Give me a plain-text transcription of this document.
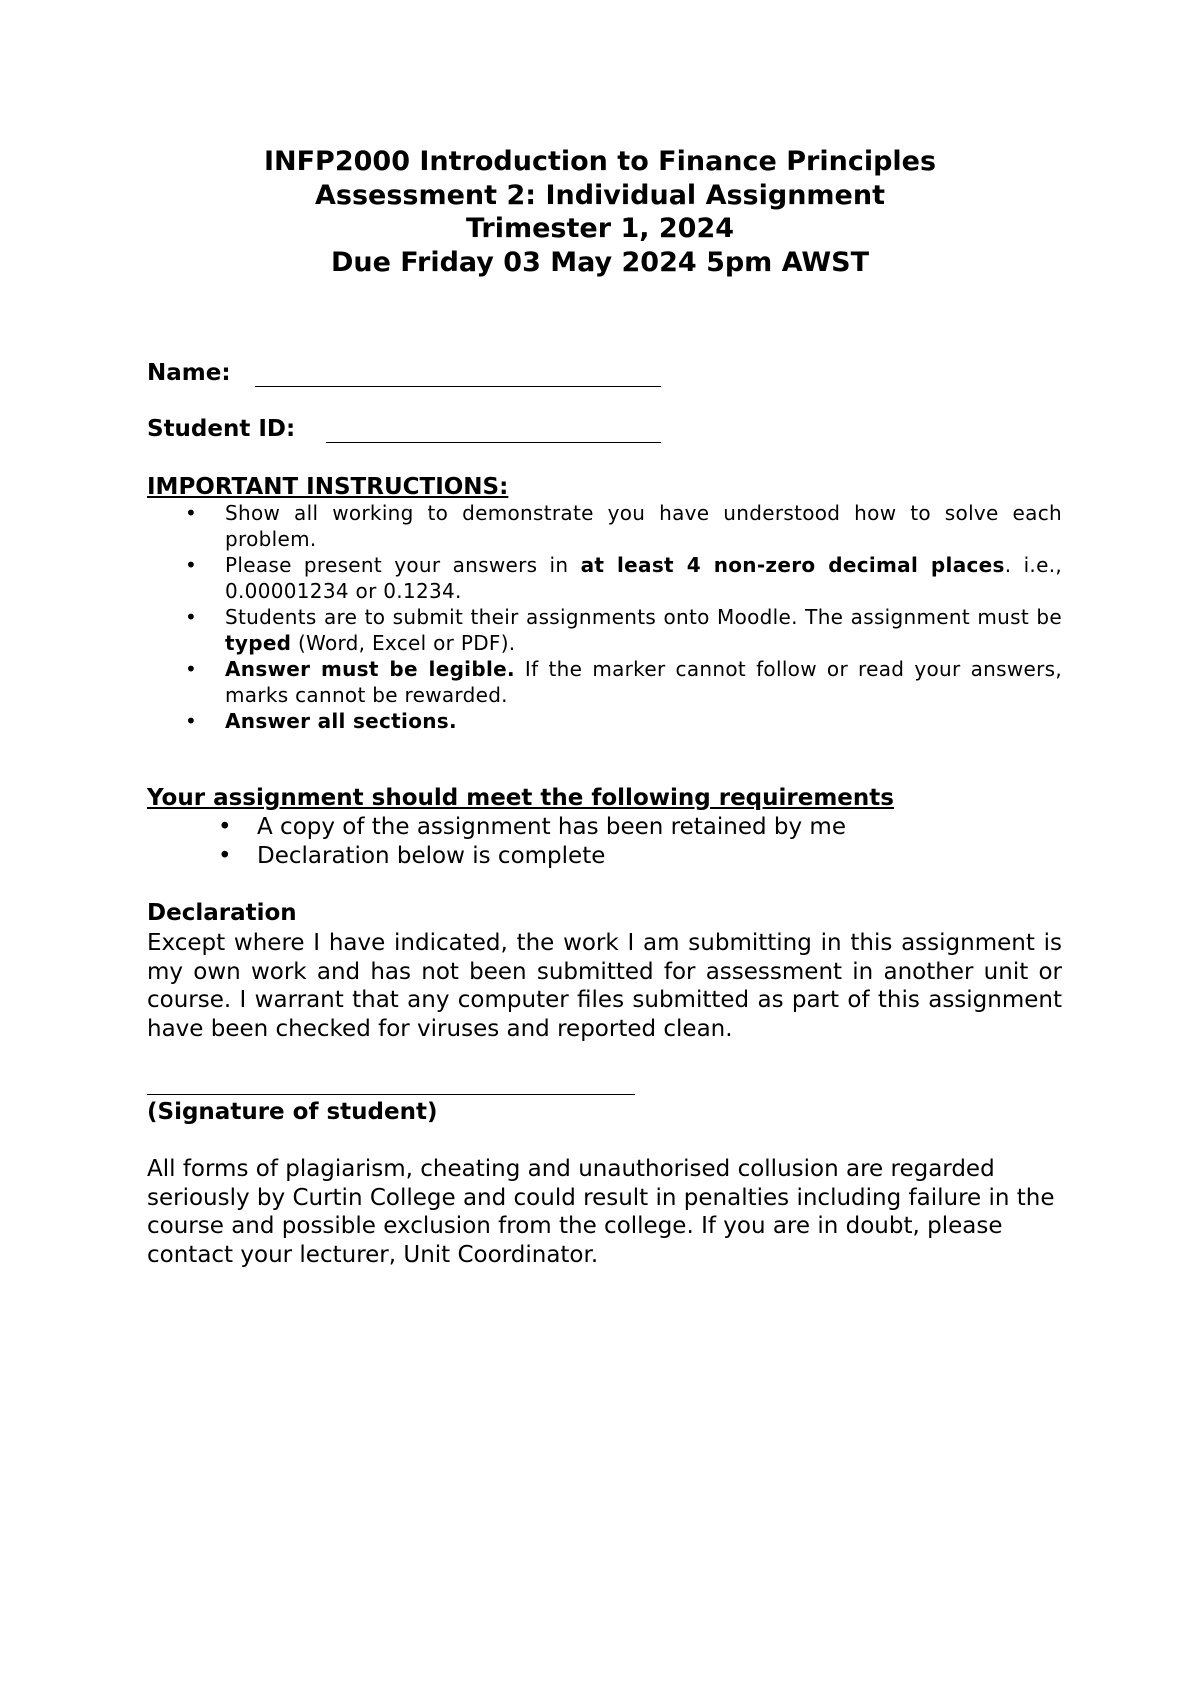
INFP2000 Introduction to Finance Principles
Assessment 2: Individual Assignment
Trimester 1, 2024
Due Friday 03 May 2024 5pm AWST
Name:
Student ID:
IMPORTANT INSTRUCTIONS:
• Show all working to demonstrate you have understood how to solve each problem.
• Please present your answers in at least 4 non-zero decimal places. i.e., 0.00001234 or 0.1234.
• Students are to submit their assignments onto Moodle. The assignment must be typed (Word, Excel or PDF).
• Answer must be legible. If the marker cannot follow or read your answers, marks cannot be rewarded.
• Answer all sections.
Your assignment should meet the following requirements
• A copy of the assignment has been retained by me
• Declaration below is complete
Declaration

Except where I have indicated, the work I am submitting in this assignment is my own work and has not been submitted for assessment in another unit or course. I warrant that any computer files submitted as part of this assignment have been checked for viruses and reported clean.

(Signature of student)

All forms of plagiarism, cheating and unauthorised collusion are regarded seriously by Curtin College and could result in penalties including failure in the course and possible exclusion from the college. If you are in doubt, please contact your lecturer, Unit Coordinator.
